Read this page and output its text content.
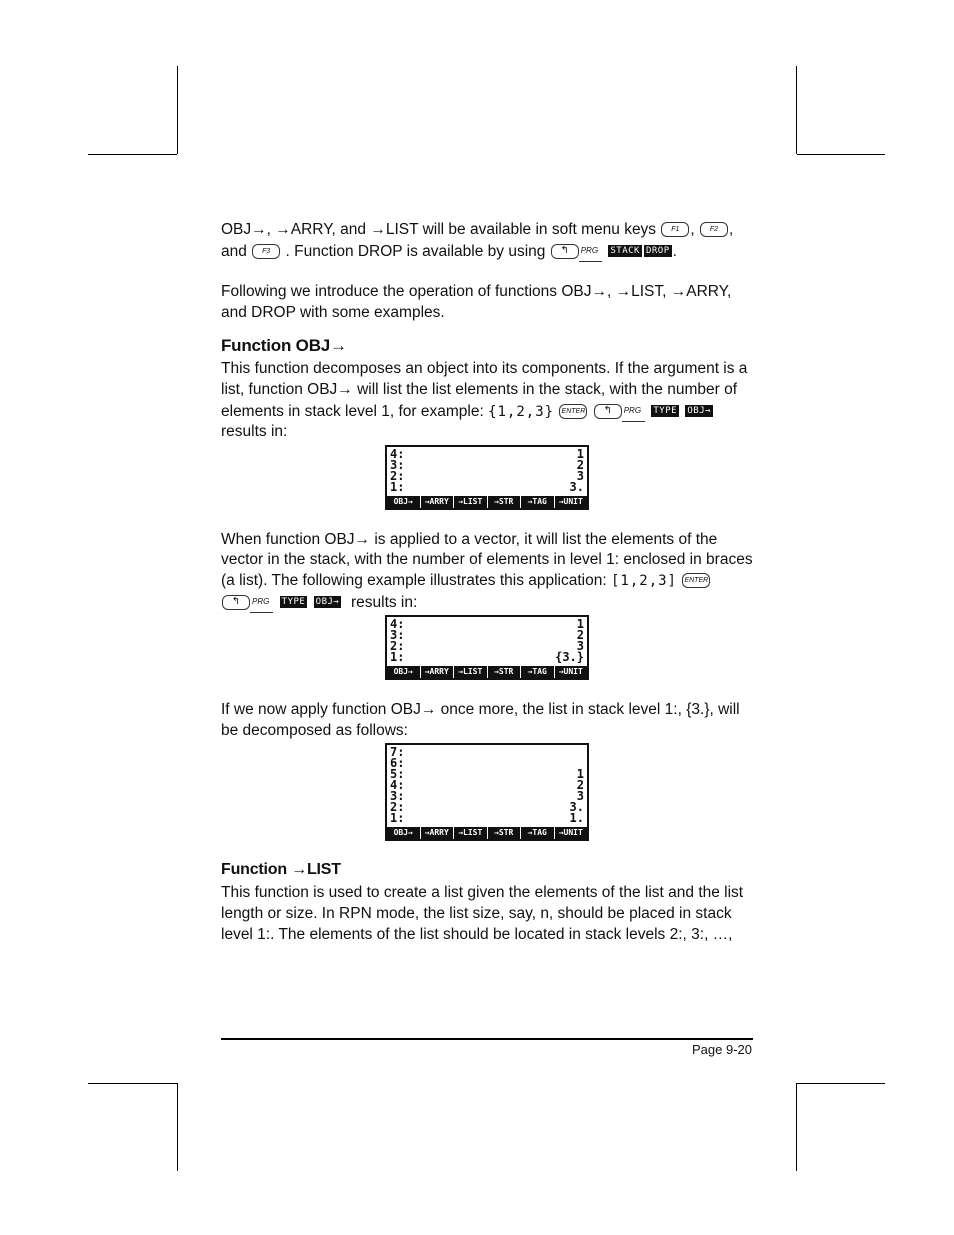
OBJ→, →ARRY, and →LIST will be available in soft menu keys F1 , F2 , and F3 . Function DROP is available by using ↰ PRG STACK DROP .

Following we introduce the operation of functions OBJ→, →LIST, →ARRY, and DROP with some examples.

Function OBJ→

This function decomposes an object into its components. If the argument is a list, function OBJ→ will list the list elements in the stack, with the number of elements in stack level 1, for example: {1,2,3} ENTER ↰ PRG TYPE OBJ→ results in:

4:	1
3:	2
2:	3
1:	3.
OBJ→	→ARRY	→LIST	→STR	→TAG	→UNIT

When function OBJ→ is applied to a vector, it will list the elements of the vector in the stack, with the number of elements in level 1: enclosed in braces (a list). The following example illustrates this application: [1,2,3] ENTER ↰ PRG TYPE OBJ→ results in:

4:	1
3:	2
2:	3
1:	{3.}
OBJ→	→ARRY	→LIST	→STR	→TAG	→UNIT

If we now apply function OBJ→ once more, the list in stack level 1:, {3.}, will be decomposed as follows:

7:
6:
5:	1
4:	2
3:	3
2:	3.
1:	1.
OBJ→	→ARRY	→LIST	→STR	→TAG	→UNIT
Function →LIST

This function is used to create a list given the elements of the list and the list length or size. In RPN mode, the list size, say, n, should be placed in stack level 1:. The elements of the list should be located in stack levels 2:, 3:, …,

Page 9-20
